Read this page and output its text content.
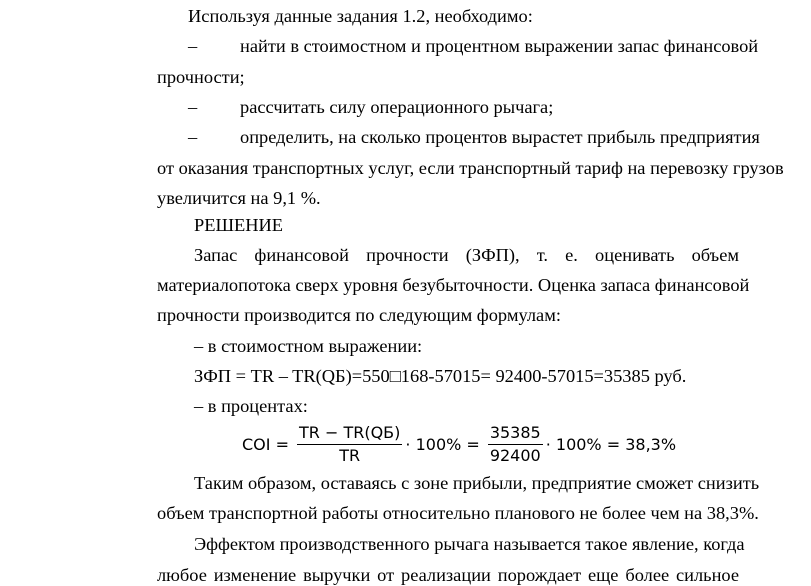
Используя данные задания 1.2, необходимо:
– найти в стоимостном и процентном выражении запас финансовой
прочности;
– рассчитать силу операционного рычага;
– определить, на сколько процентов вырастет прибыль предприятия
от оказания транспортных услуг, если транспортный тариф на перевозку грузов
увеличится на 9,1 %.
РЕШЕНИЕ
Запас финансовой прочности (ЗФП), т. е. оценивать объем
материалопотока сверх уровня безубыточности. Оценка запаса финансовой
прочности производится по следующим формулам:
– в стоимостном выражении:
ЗФП = TR – TR(QБ)=550□168-57015= 92400-57015=35385 руб.
– в процентах:
COI = $\frac{TR - TR(QБ)}{TR} \cdot 100\% = \frac{35385}{92400} \cdot 100\% = 38,3\%$
Таким образом, оставаясь с зоне прибыли, предприятие сможет снизить
объем транспортной работы относительно планового не более чем на 38,3%.
Эффектом производственного рычага называется такое явление, когда
любое изменение выручки от реализации порождает еще более сильное
